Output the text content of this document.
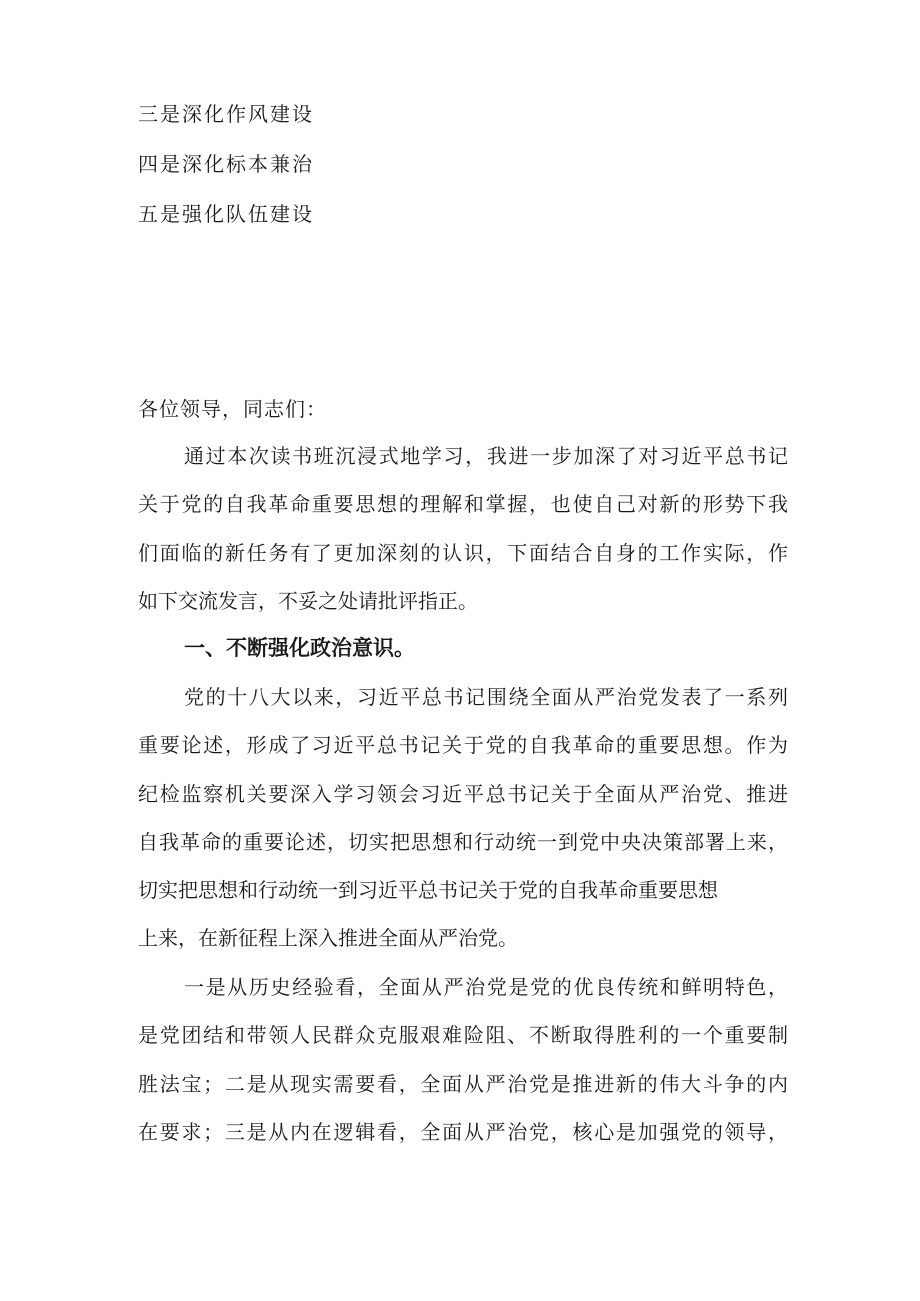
三是深化作风建设
四是深化标本兼治
五是强化队伍建设
各位领导，同志们：
通过本次读书班沉浸式地学习，我进一步加深了对习近平总书记
关于党的自我革命重要思想的理解和掌握，也使自己对新的形势下我
们面临的新任务有了更加深刻的认识，下面结合自身的工作实际，作
如下交流发言，不妥之处请批评指正。
一、不断强化政治意识。
党的十八大以来，习近平总书记围绕全面从严治党发表了一系列
重要论述，形成了习近平总书记关于党的自我革命的重要思想。作为
纪检监察机关要深入学习领会习近平总书记关于全面从严治党、推进
自我革命的重要论述，切实把思想和行动统一到党中央决策部署上来，
切实把思想和行动统一到习近平总书记关于党的自我革命重要思想
上来，在新征程上深入推进全面从严治党。
一是从历史经验看，全面从严治党是党的优良传统和鲜明特色，
是党团结和带领人民群众克服艰难险阻、不断取得胜利的一个重要制
胜法宝；二是从现实需要看，全面从严治党是推进新的伟大斗争的内
在要求；三是从内在逻辑看，全面从严治党，核心是加强党的领导，
